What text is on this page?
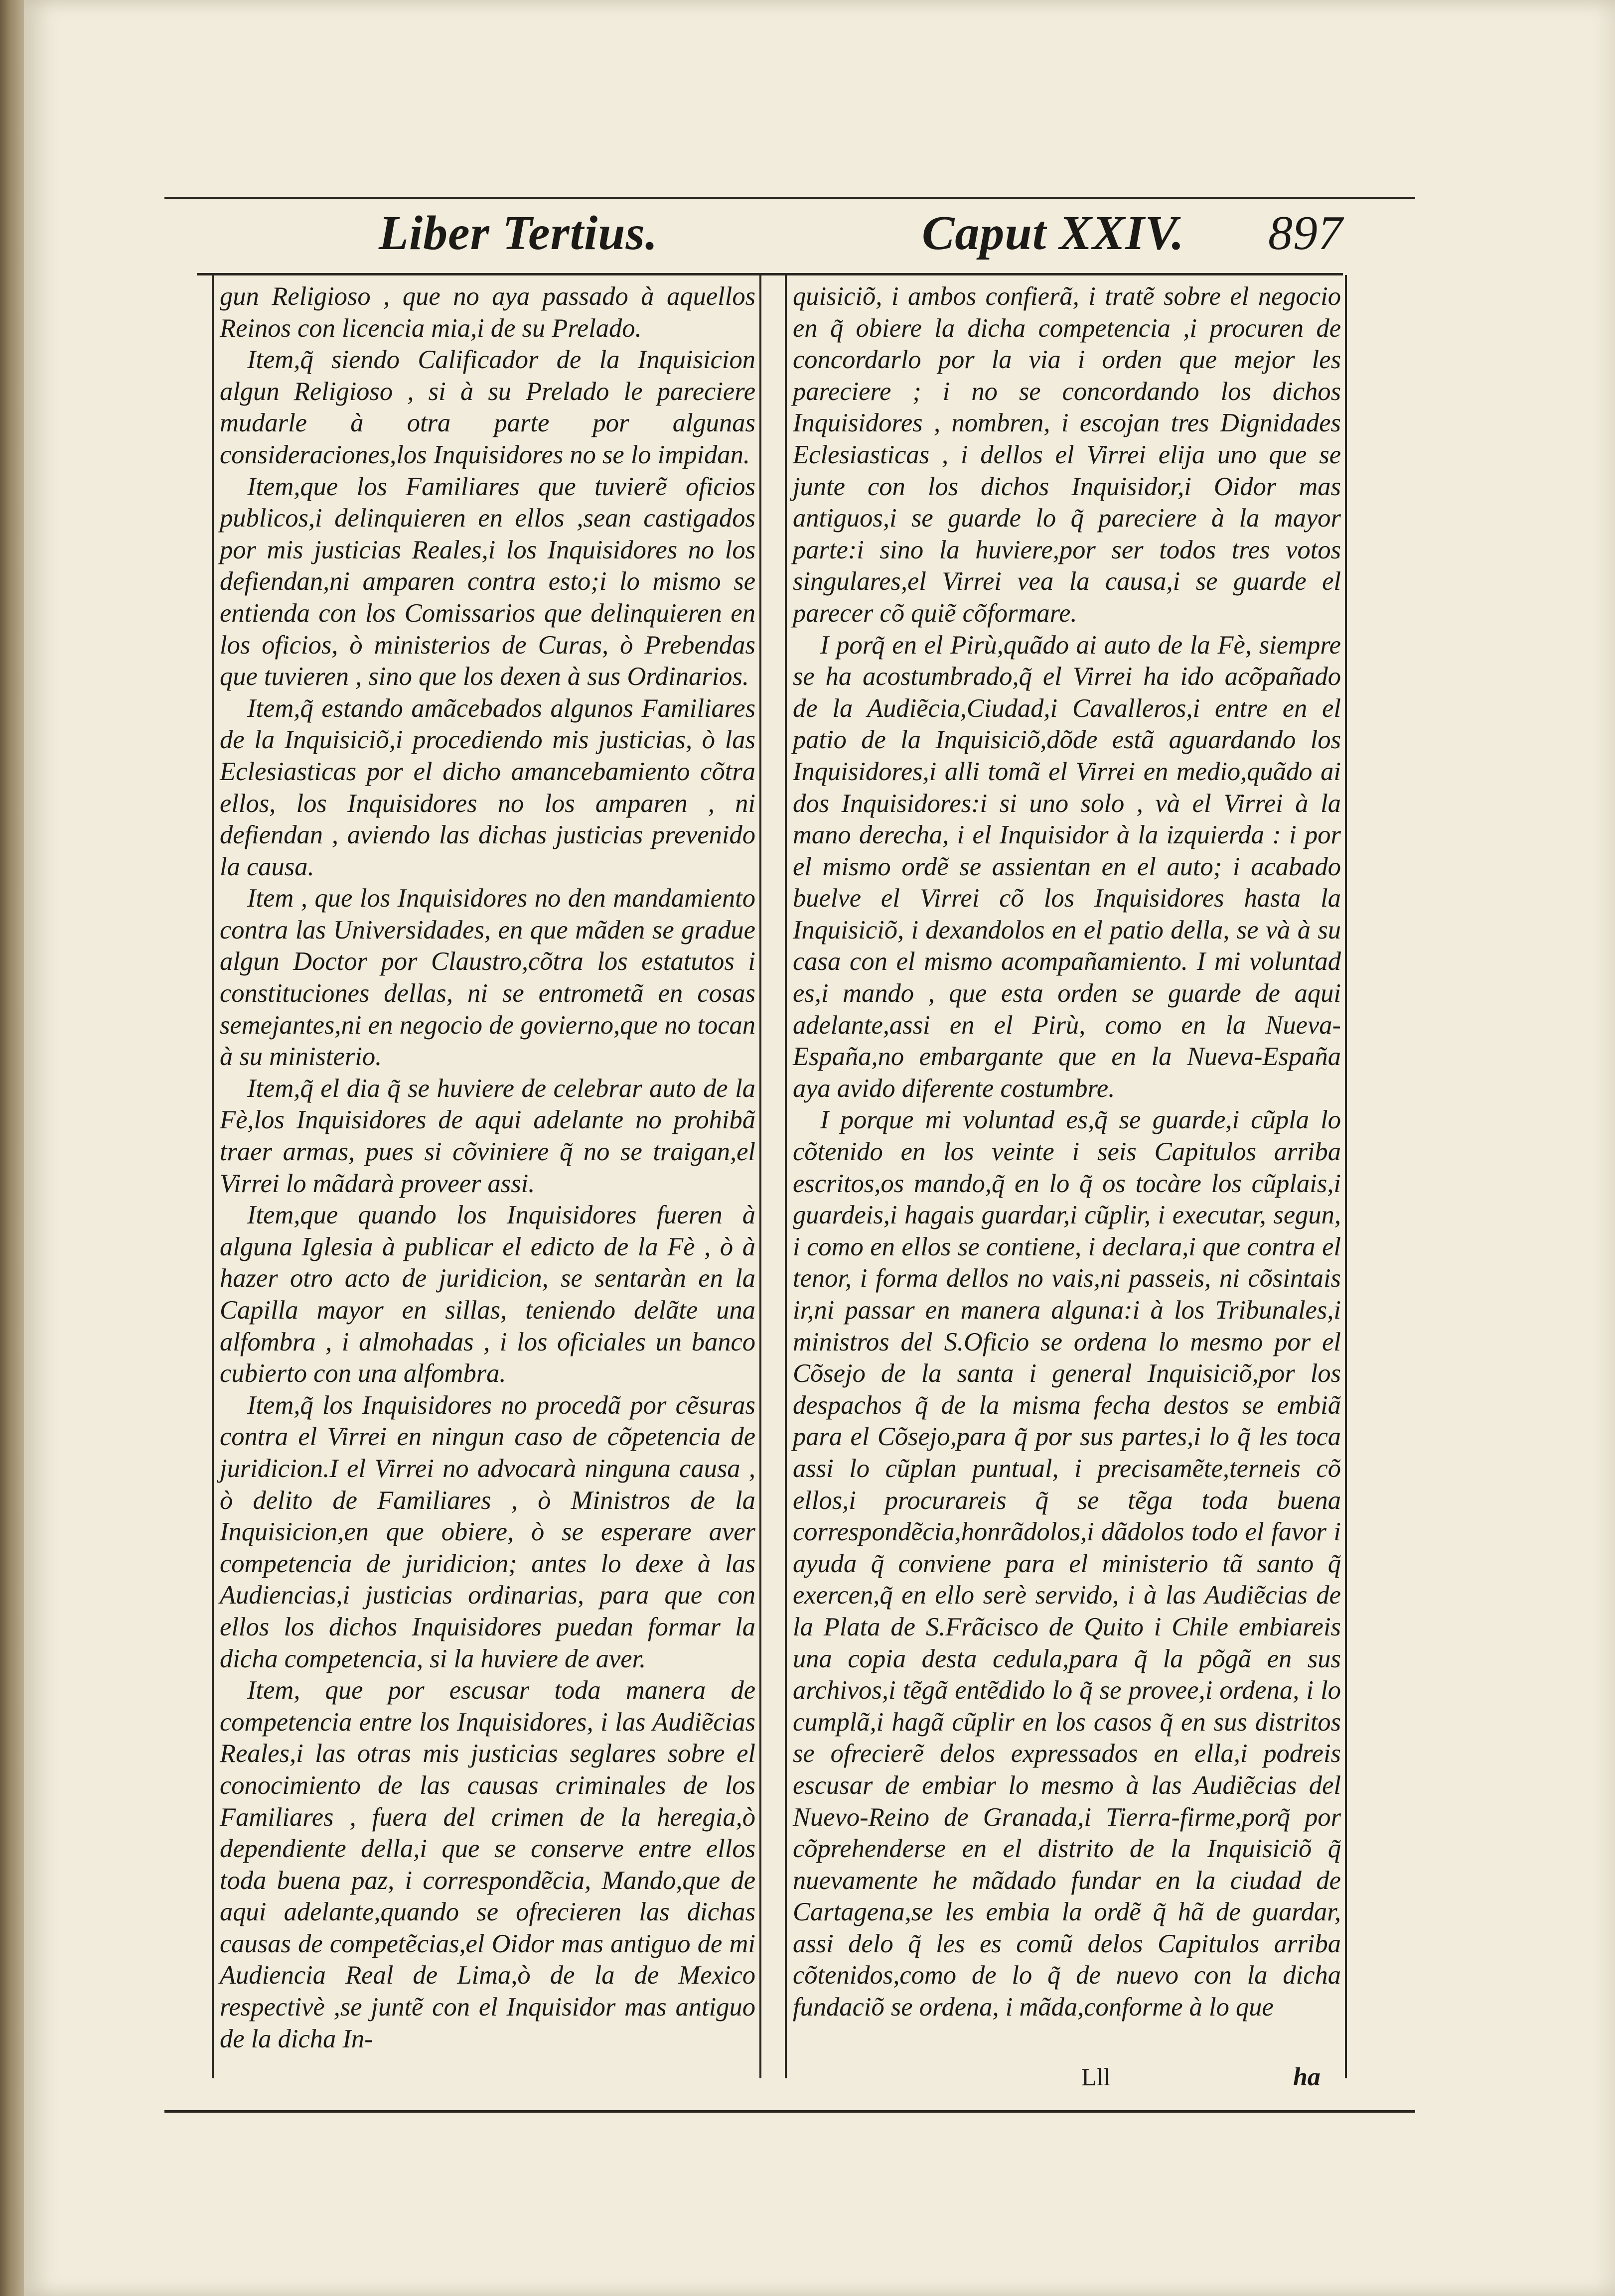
Liber Tertius.	Caput XXIV. 897

gun Religioso , que no aya passado à aquellos Reinos con licencia mia,i de su Prelado.

Item,q̃ siendo Calificador de la Inquisicion algun Religioso , si à su Prelado le pareciere mudarle à otra parte por algunas consideraciones,los Inquisidores no se lo impidan.

Item,que los Familiares que tuvierẽ oficios publicos,i delinquieren en ellos ,sean castigados por mis justicias Reales,i los Inquisidores no los defiendan,ni amparen contra esto;i lo mismo se entienda con los Comissarios que delinquieren en los oficios, ò ministerios de Curas, ò Prebendas que tuvieren , sino que los dexen à sus Ordinarios.

Item,q̃ estando amãcebados algunos Familiares de la Inquisiciõ,i procediendo mis justicias, ò las Eclesiasticas por el dicho amancebamiento cõtra ellos, los Inquisidores no los amparen , ni defiendan , aviendo las dichas justicias prevenido la causa.

Item , que los Inquisidores no den mandamiento contra las Universidades, en que mãden se gradue algun Doctor por Claustro,cõtra los estatutos i constituciones dellas, ni se entrometã en cosas semejantes,ni en negocio de govierno,que no tocan à su ministerio.

Item,q̃ el dia q̃ se huviere de celebrar auto de la Fè,los Inquisidores de aqui adelante no prohibã traer armas, pues si cõviniere q̃ no se traigan,el Virrei lo mãdarà proveer assi.

Item,que quando los Inquisidores fueren à alguna Iglesia à publicar el edicto de la Fè , ò à hazer otro acto de juridicion, se sentaràn en la Capilla mayor en sillas, teniendo delãte una alfombra , i almohadas , i los oficiales un banco cubierto con una alfombra.

Item,q̃ los Inquisidores no procedã por cẽsuras contra el Virrei en ningun caso de cõpetencia de juridicion.I el Virrei no advocarà ninguna causa , ò delito de Familiares , ò Ministros de la Inquisicion,en que obiere, ò se esperare aver competencia de juridicion; antes lo dexe à las Audiencias,i justicias ordinarias, para que con ellos los dichos Inquisidores puedan formar la dicha competencia, si la huviere de aver.

Item, que por escusar toda manera de competencia entre los Inquisidores, i las Audiẽcias Reales,i las otras mis justicias seglares sobre el conocimiento de las causas criminales de los Familiares , fuera del crimen de la heregia,ò dependiente della,i que se conserve entre ellos toda buena paz, i correspondẽcia, Mando,que de aqui adelante,quando se ofrecieren las dichas causas de competẽcias,el Oidor mas antiguo de mi Audiencia Real de Lima,ò de la de Mexico respectivè ,se juntẽ con el Inquisidor mas antiguo de la dicha In-

quisiciõ, i ambos confierã, i tratẽ sobre el negocio en q̃ obiere la dicha competencia ,i procuren de concordarlo por la via i orden que mejor les pareciere ; i no se concordando los dichos Inquisidores , nombren, i escojan tres Dignidades Eclesiasticas , i dellos el Virrei elija uno que se junte con los dichos Inquisidor,i Oidor mas antiguos,i se guarde lo q̃ pareciere à la mayor parte:i sino la huviere,por ser todos tres votos singulares,el Virrei vea la causa,i se guarde el parecer cõ quiẽ cõformare.

I porq̃ en el Pirù,quãdo ai auto de la Fè, siempre se ha acostumbrado,q̃ el Virrei ha ido acõpañado de la Audiẽcia,Ciudad,i Cavalleros,i entre en el patio de la Inquisiciõ,dõde estã aguardando los Inquisidores,i alli tomã el Virrei en medio,quãdo ai dos Inquisidores:i si uno solo , và el Virrei à la mano derecha, i el Inquisidor à la izquierda : i por el mismo ordẽ se assientan en el auto; i acabado buelve el Virrei cõ los Inquisidores hasta la Inquisiciõ, i dexandolos en el patio della, se và à su casa con el mismo acompañamiento. I mi voluntad es,i mando , que esta orden se guarde de aqui adelante,assi en el Pirù, como en la Nueva-España,no embargante que en la Nueva-España aya avido diferente costumbre.

I porque mi voluntad es,q̃ se guarde,i cũpla lo cõtenido en los veinte i seis Capitulos arriba escritos,os mando,q̃ en lo q̃ os tocàre los cũplais,i guardeis,i hagais guardar,i cũplir, i executar, segun, i como en ellos se contiene, i declara,i que contra el tenor, i forma dellos no vais,ni passeis, ni cõsintais ir,ni passar en manera alguna:i à los Tribunales,i ministros del S.Oficio se ordena lo mesmo por el Cõsejo de la santa i general Inquisiciõ,por los despachos q̃ de la misma fecha destos se embiã para el Cõsejo,para q̃ por sus partes,i lo q̃ les toca assi lo cũplan puntual, i precisamẽte,terneis cõ ellos,i procurareis q̃ se tẽga toda buena correspondẽcia,honrãdolos,i dãdolos todo el favor i ayuda q̃ conviene para el ministerio tã santo q̃ exercen,q̃ en ello serè servido, i à las Audiẽcias de la Plata de S.Frãcisco de Quito i Chile embiareis una copia desta cedula,para q̃ la põgã en sus archivos,i tẽgã entẽdido lo q̃ se provee,i ordena, i lo cumplã,i hagã cũplir en los casos q̃ en sus distritos se ofrecierẽ delos expressados en ella,i podreis escusar de embiar lo mesmo à las Audiẽcias del Nuevo-Reino de Granada,i Tierra-firme,porq̃ por cõprehenderse en el distrito de la Inquisiciõ q̃ nuevamente he mãdado fundar en la ciudad de Cartagena,se les embia la ordẽ q̃ hã de guardar, assi delo q̃ les es comũ delos Capitulos arriba cõtenidos,como de lo q̃ de nuevo con la dicha fundaciõ se ordena, i mãda,conforme à lo que

Lll	ha
